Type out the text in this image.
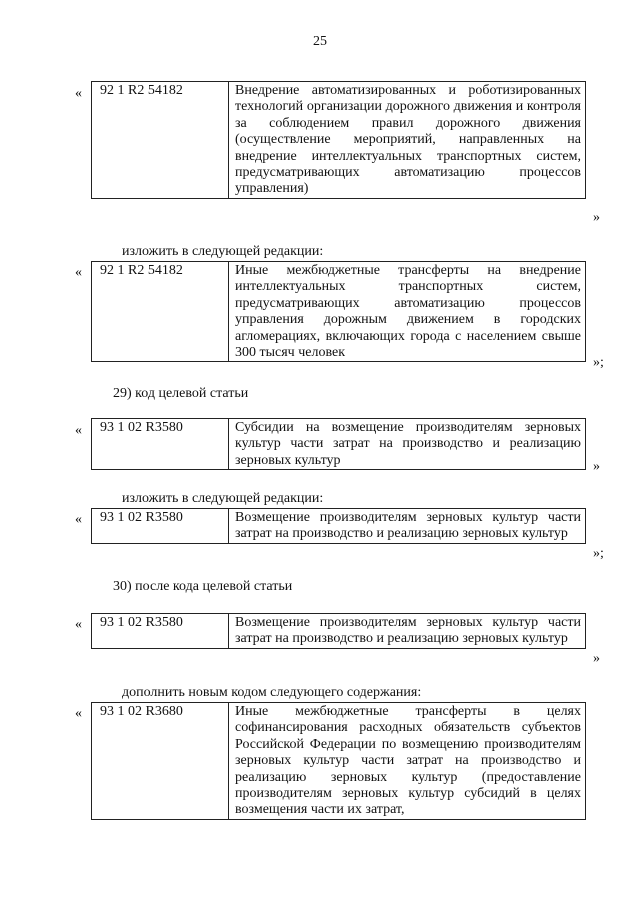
25
« 92 1 R2 54182	Внедрение автоматизированных и роботизированных технологий организации дорожного движения и контроля за соблюдением правил дорожного движения (осуществление мероприятий, направленных на внедрение интеллектуальных транспортных систем, предусматривающих автоматизацию процессов управления)
»
изложить в следующей редакции:
« 92 1 R2 54182	Иные межбюджетные трансферты на внедрение интеллектуальных транспортных систем, предусматривающих автоматизацию процессов управления дорожным движением в городских агломерациях, включающих города с населением свыше 300 тысяч человек
»;
29) код целевой статьи
« 93 1 02 R3580	Субсидии на возмещение производителям зерновых культур части затрат на производство и реализацию зерновых культур	»
изложить в следующей редакции:
« 93 1 02 R3580	Возмещение производителям зерновых культур части затрат на производство и реализацию зерновых культур
»;
30) после кода целевой статьи
« 93 1 02 R3580	Возмещение производителям зерновых культур части затрат на производство и реализацию зерновых культур
»
дополнить новым кодом следующего содержания:
« 93 1 02 R3680	Иные межбюджетные трансферты в целях софинансирования расходных обязательств субъектов Российской Федерации по возмещению производителям зерновых культур части затрат на производство и реализацию зерновых культур (предоставление производителям зерновых культур субсидий в целях возмещения части их затрат,
